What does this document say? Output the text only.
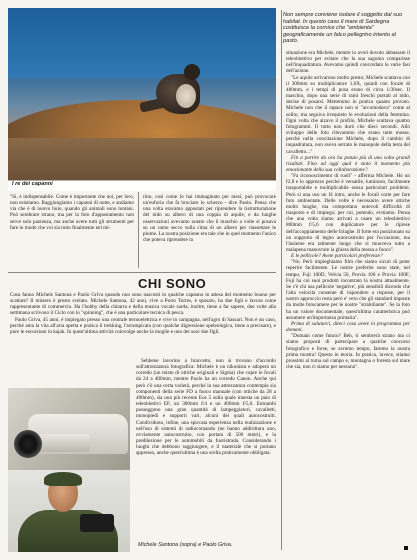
Non sempre conviene isolare il soggetto dal suo habitat. In questo caso il mare di Sardegna costituisce la cornice che "ambienta" geograficamente un falco pellegrino intento al pasto.
I re dei capanni

"Sì, è indispensabile. Come è importante che noi, per loro, non esistiamo. Raggiungiamo i capanni di notte, e andiamo via che è di nuovo buio, quando gli animali sono lontani. Può sembrare strano, ma per la foto d'appostamento non serve solo pazienza, ma anche avere tutti gli strumenti per fare in modo che voi sia tutto finalmente nel mi-

rino, così come lo hai immaginato per mesi, può provocare un'euforia che fa bruciare lo scherzo - dice Paolo. Pensa che una volta eravamo appostati per riprendere la ristrutturazione del nido su albero di una coppia di aquile, e da lunghe osservazioni avevamo notato che il maschio a volte si posava su un ramo secco sulla cima di un albero per riassettare le piume. La nostra posizione era tale che in quel momento l'unico che poteva riprendere la

situazione era Michele, mentre io avrei dovuto abbassare il teleobiettivo per evitare che la sua sagoma comparisse nell'inquadratura. Avevamo quindi concordato le varie fasi dell'azione.

"Le aquile arrivarono molto presto; Michele scattava con il 300mm su moltiplicatore 1,6X, quindi con focale di 480mm, e i tempi di posa erano di circa 1/30sec. Il maschio, dopo una serie di rami freschi portati al nido, decise di posarsi. Mettemmo in pratica quanto provato. Michele non che il rapace non si "accomodava" come al solito, ma seguiva irrequieto le evoluzioni della femmina. Ogni volta che alzavo il profilo, Michele scattava quattro fotogrammi. Il tutto non durò che dieci secondi. Allo sviluppo delle foto rilevammo che erano tutte mosse, perché nella concitazione Michele, dopo il cambio di inquadratura, non aveva serrato le manopole della testa del cavalletto..."

Fin a partire da ora ha potuto più di una volta grandi risultati. Fino ad oggi qual è stato il momento più emozionante della sua collaborazione?

"Fa riconoscimento di ruoli" - afferma Michele. Ho un f2,8 e lo apprezzo perché è versatile, luminoso, facilmente trasportabile e moltiplicabile senza particolari problemi. Però si una uso un f4 intro, anche le focali corte per fare foto ambientate. Delle volte è necessario avere ottiche molto lunghe, ma comportano notevoli difficoltà di trasporto e di impiego; per cui, potendo, evitiamo. Pensa che una volta siamo arrivati a usare un teleobiettivo 800mm f/5,6 con duplicatore per le riprese dell'accoppiamento delle folaghe. Il forte era posizionato su un supporto di legno autocostruito per l'occasione, ma l'insieme era talmente lungo che si muoveva tutto a malapena manovrare la ghiera della messa a fuoco".

E le pellicole? Avete particolari preferenze?

"No. Però impieghiamo film che siamo sicuri di poter reperire facilmente. Le nostre preferite sono state, nel tempo, Fuji 100D, Velvia 50, Provia 100 e Provia 100F; Fuji ha coi suoi prodotti incontrato la nostra attualmente. Se c'è chi usa pellicole 'negative', più sensibili dicendo che l'alta velocità consente di rispondere a risposte, per il nostro approccio resta però e' vero che gli standard imposte da molte fotocamere per le nostre "strabiliante". Se la foto ha un valore documentale, quest'ultima caratteristica può assumere un'importanza primaria".

Prima di salutarci, diteci cosa avete in programma per domani.

"Domani come futuro? Beh, ti sembrerà strano ma ci siamo proposti di partecipare a qualche concorso fotografico e forse, se avremo tempo, faremo la nostra prima mostra! Questo in teoria. In pratica, invece, stiamo prossimi al torna sul campo e, montagna o foresta sul mare che sia, non ci siamo per nessuno".

CHI SONO

Cosa fanno Michele Santona e Paolo Griva quando non sono nascosti in qualche capanno in attesa del momento buono per scattare? Il mistero è presto svelato. Michele Santona, 42 anni, vive a Porto Torres, è sposato, ha due figli e lavora come rappresentante di commercio. Ha l'hobby della chitarra e della musica vocale sarda; inoltre, tiene a far sapere, due volte alla settimana scrivono il Ciclo con lo "spinning", che è una particolare tecnica di pesca.

Paolo Griva, 45 anni, è impiegato presso una centrale termoelettrica e vive in campagna, nell'agro di Sassari. Non è un caso, perché ama la vita all'aria aperta e pratica il trekking, l'arrampicata (con qualche digressione speleologica, tiene a precisare), e pure le escursioni in kajak. In quest'ultima attività coinvolge anche la moglie e uno dei suoi due figli.

Sebbene lavorino a braccetto, non si trovano d'accordo sull'attrezzatura fotografica: Michele è un nikonista e adopera un corredo (un misto di ottiche originali e Sigma) che copre le focali da 24 a 400mm, mentre Paolo ha un corredo Canon. Anche qui però c'è una certa varietà, perché la sua attrezzatura contempla sia componenti della serie FD a fuoco manuale (con ottiche da 28 a 400mm), sia una più recente Eos 5 sulla quale innesta un paio di teleobiettivi EF, un 300mm f/4 e un 400mm f/5,6. Entrambi posseggono una gran quantità di lampeggiatori, cavalletti, monopiedi e supporti vari, alcuni dei quali autocostruiti. Condividono, infine, una spiccata esperienza nella realizzazione e nell'uso di sistemi di radiocomando (ne hanno addirittura uno, ovviamente autocostruito, con portata di 500 metri), e la predilezione per le automobili da fuoristrada. Considerando i luoghi che debbono raggiungere, e il materiale che si portano appresso, anche quest'ultima è una scelta praticamente obbligata.

Michele Santona (sopra) e Paolo Griva.
